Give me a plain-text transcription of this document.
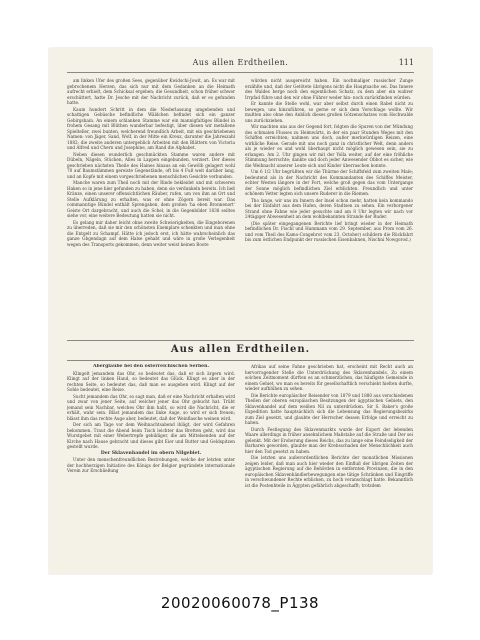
Aus allen Erdtheilen.	111

am linken Ufer des großen Sees, gegenüber Kwidschi-Jowit, an. Es war mit gebrochenem Herzen, das sich nur mit dem Gedanken an die Heimath aufrecht erhielt, dem Schicksal ergeben; die Gesundheit, schon früher schwer erschüttert, hatte Dr. Jesche mit der Nachricht zurück, daß er es gefunden hatte.

Kaum hundert Schritt in dem die Niederlassung umgebenden und schattigen Gebüsche befindliche Wäldchen befindet sich ein ganzer Gebirgshain. An einem schlanken Stamme war ein mannigfaltiges Bündel in frohem Gesang mit Blüthen wunderbar befestigt, über diesen wir metallene Spielteller, zwei bunten, welcherend freundlich Arbeit, mit ein geschriebenen Namen: von Jäger, Sand, Wolf, in der Mitte ein Kreuz, darunter die Jahreszahl 1882; die zweite anderen untergeblich Arbeiten mit den Blättern von Victoria und Alfred und Chern und Josephine, am Rand die Alphabet.

Neben diesen wunderlich geschmückten Stamme waren andere mit Dübeln, Nägeln, Stücken, Alles in Lappen eingebunden, verziert. Der dieses geschrieben nächsten Theile des Haines hinaus an ein Gewölb gelagert wohl 70 auf Baumstämmen gereiste Gegenstände, oft bis 4 Fuß weit darüber lang, und an Kopfe mit einem vorgeschriebenen menschlichen Gesichte verbunden.

Manche waren zum Theil noch mit der Rinde bekleidet und mit schweren Haken so in jene hier gefunden zu haben, denn sie verdunkeln bereits. Ich ließ Kränze, einen unserer offensichtlichen Räuber, rufen, um von ihm an Ort und Stelle Aufklärung zu erhalten, was er ohne Zögern bereit war. Das commanntige Bündel enthält Sprengaben, dem großen 'ha eben Bronnenort' Geiste Ort dargebracht, und auch die Schel, in die Gegenbilder 1838 seiltes siehe vor, eine weitere Bedeutung hatten sie nicht.

Es gelang mir daher leicht ohne zweite Schwierigkeiten, die Eingeborenen zu überreden, daß sie mir den schönsten Exemplare schenkten und man ohne die Entgelt zu Schampf. Hätte ich jedoch erst, ich hätte wahrscheinlich das ganze Gbgendagn auf dem Halse gehabt und wäre in große Verlegenheit wegen des Transports gekommen, denn weiter weist keinen Boote

würden nicht ausgereicht haben. Ein nochmaliger russischer Zunge erzählte und, daß der Getötete übrigens nicht die Hauptsache sei. Das Innere des Waldes berge noch den eigentlichen Schatz, zu dem aber ein wahrer Irrpfad führe und den wir ohne Führer weder hin- noch zurückfinden würden.

Er kannte die Stelle wohl, war aber selbst durch einen Rabel nicht zu bewegen, uns hinzuführen, so gerne er sich dem Vorschlage wollte. Wir mußten also ohne den Anblick dieses großen Götzenschatzes vom Hochwalde uns zurückziehen.

Wir machten uns aus der Gegend fort, folgten die Spuren von der Mündung des schmalen Flusses zu Heimwärts, in der ein paar Stunden Weges mit den Schiffen erreichten; nahmen uns doch, außer merkwürdigen Reizen, eine wirkliche Reise. Gerade mit uns noch ganz in christlicher Welt, denn anders als je wieder es und wohl überhaupt nicht möglich gewesen sein, sie zu erlangen. Am 2. Uhr gingen wir mit der Yolla weiter, auf der eine fröhliche Stimmung herrschte; dankte und doch jeder Anwesender Obbot es sicher, wie die Weihnacht unserer Leute sich und Kinder überraschen konnte.

Um 6 1/2 Uhr begrüßten wir die Thürme der Schiffsfeld zum zweiten Male; bedeutend als in der Nachricht des Kommandanten des Schiffes Meister, echter Westen längere in der Fort, welche groß gegen das vom Untergange der Sonne möglich befindlichen Ziel erblickten. Freundlich und unter schönem Vetter legten sich unsere Ruderer in die Riemen.

Tho lange, wir uns im Innern der Insel schon mehr, hatten kein kommando bei der Einfahrt aus dem Hafen, deren Stadtsen zu sehen. Ein verborgener Strand ohne Fahne wie jeder gesuchte und am 8 Uhr legten wir nach vor 24tägiger Abwesenheit an dem wohlbekannten Strande der Ruder.

(Die später eingegangenen Berichte lief bringt wieder in der Heimath befindlichen Dr. Fischl und Hammann vom 29. September, aus Prom vom 26. und vom Theil des Kamo-Congebrot vom 23. October) schildern die Rückfahrt bis zum östlichen Endpunkt der russischen Eisenbahnen, Nischni Nowgorod.)

Aus allen Erdtheilen.

Aberglaube bei den österreichischen Serben.

Klingelt jemandem das Ohr, so bedeutet das, daß er sich ärgern wird. Klingt auf der linken Hand, so bedeutet das Glück. Klingt es aber in der rechten Seite, so bedeutet das, daß man es ausgeben wird. Klingt auf der Sohle bedeutet, eine Reise.

Sucht jemandem das Ohr, so sagt man, daß er eine Nachricht erhalten wird und zwar von jener Seite, auf welcher jener das Ohr gebucht hat. Trübt jemand sein Nachbar, welches Ohr ihm hallt, so wird die Nachricht, die er erhält, wahr sein. Bläst jemandem das linke Auge, so wird er sich freuen; blässt ihm das rechte Auge aber, bedeutet, daß der Weinflasche weinen wird.

Der sich am Tage vor dem Weihnachtsabend ihlägt, der wird Gefahren bekommen. Traut die Abend beim Tisch leichter das Bretten geht, wird das Wurstgebet mit einer Webertrepfe gebildiger, die am Mittelsenden auf der Kirche nach Hause gebracht und dieses gibt Eier und Butter und Geldspitzen gestellt wurde.

Der Sklavenhandel im obern Nilgebiet.

Unter den menschenfreundlichen Bestrebungen, welche der letzten unter der hochherzigen Initiative des Königs der Belgier gegründete internationale Verein zur Erschließung

Afrikas auf seine Fahne geschrieben hat, erscheint mit Recht auch an hervorragender Stelle die Unterdrückung des Sklavenhandels. Zu einem solchen Zeitmoment dürften es an schmerzlichen, das häufigste Gemeinde in einem Gebiet, wo man es bereits für gesellschaftlich verschiebt hielten durfte, wieder aufblühen zu sehen.

Die Berichte europäischer Reisender von 1879 und 1880 aus verschiedenen Theilen der oberen europäischen Besitzungen der ägyptischen Gebiets, den Sklavenhandel auf dem weißen Nil zu unterdrücken. Sir S. Baker's große Expedition hatte hauptsächlich sich die Lebensung das Regierungsbezirks zum Ziel gesetzt, und glaubte der Herrscher dessen Erfolge und erreicht zu haben.

Durch Festlegung des Sklavenmarkts wurde der Export der lebenden Waare allerdings in früher ansehnlichem Maßstabe auf die Straße und Der sei gelenkt. Mit der Eroberung dieses Reichs, das zu lange eine Feindseligkeit der Barbaren geworden, glaubte man der Krebsschaden der Menschlichkeit auch hier den Tod gesetzt zu haben.

Die letzten uns außerordentlichen Berichte der monatlichen Missionen zeigen leider, daß man auch hier wieder den Einfluß der übrigen Zeiten der ägyptischen Regierung auf die Behörden in entfernten Provinzen, die in den europäischen Sklavenhändlerbewegungen eine tätige Schränken und Eingriffe in verschwundener Rechte erblicken, zu hoch veranschlagt hatte. Bekanntlich ist die Postenhteile in Ägypten gefährlich abgeschafft; trotzdem

20020060078_P138
